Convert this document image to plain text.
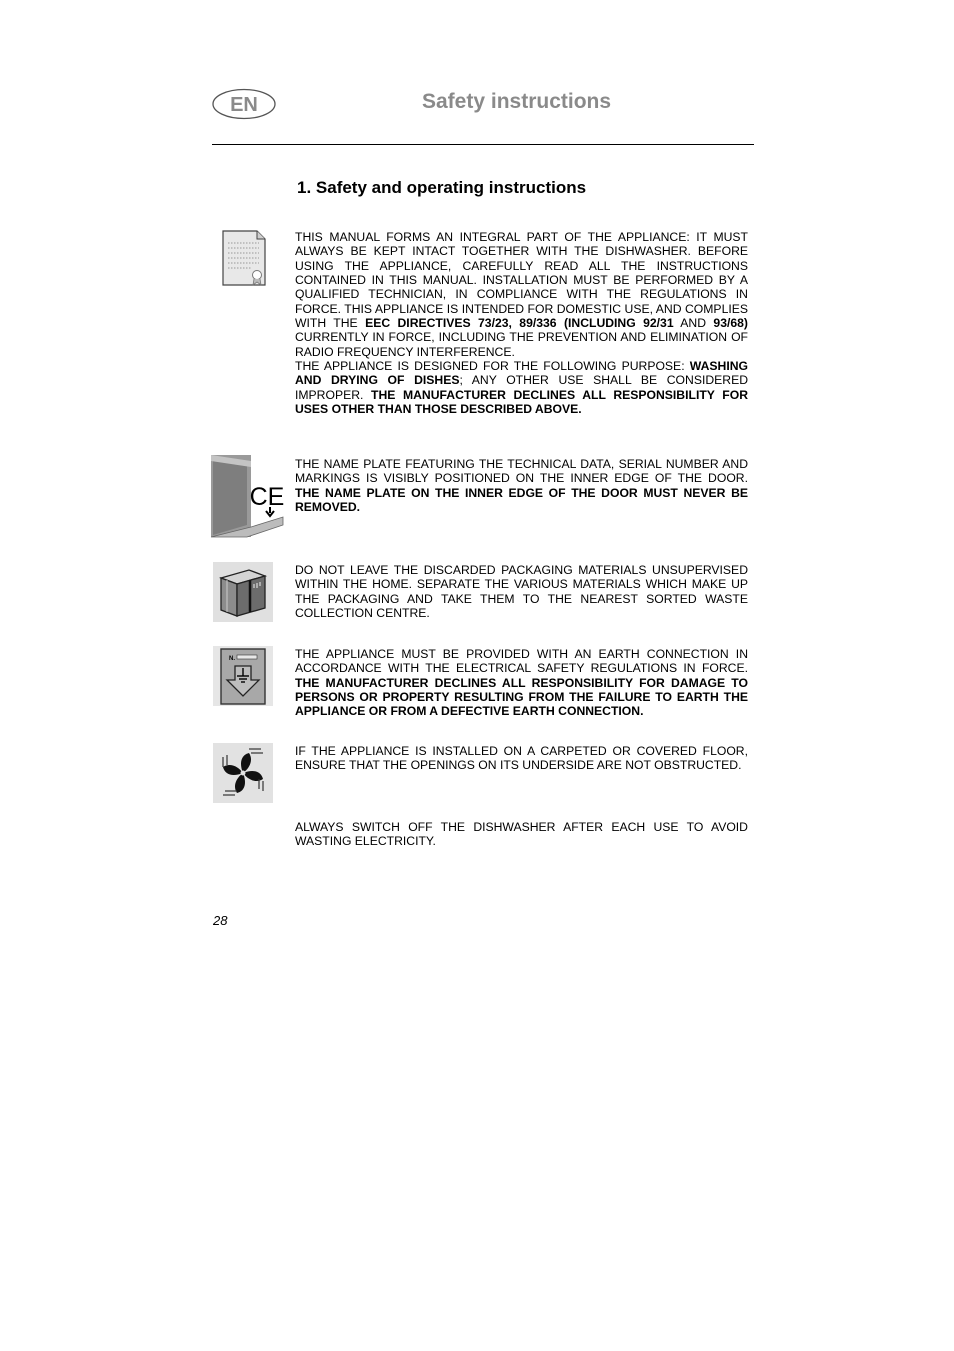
EN	Safety instructions
1. Safety and operating instructions

THIS MANUAL FORMS AN INTEGRAL PART OF THE APPLIANCE: IT MUST ALWAYS BE KEPT INTACT TOGETHER WITH THE DISHWASHER. BEFORE USING THE APPLIANCE, CAREFULLY READ ALL THE INSTRUCTIONS CONTAINED IN THIS MANUAL. INSTALLATION MUST BE PERFORMED BY A QUALIFIED TECHNICIAN, IN COMPLIANCE WITH THE REGULATIONS IN FORCE. THIS APPLIANCE IS INTENDED FOR DOMESTIC USE, AND COMPLIES WITH THE EEC DIRECTIVES 73/23, 89/336 (INCLUDING 92/31 AND 93/68) CURRENTLY IN FORCE, INCLUDING THE PREVENTION AND ELIMINATION OF RADIO FREQUENCY INTERFERENCE.
THE APPLIANCE IS DESIGNED FOR THE FOLLOWING PURPOSE: WASHING AND DRYING OF DISHES; ANY OTHER USE SHALL BE CONSIDERED IMPROPER. THE MANUFACTURER DECLINES ALL RESPONSIBILITY FOR USES OTHER THAN THOSE DESCRIBED ABOVE.

CE

THE NAME PLATE FEATURING THE TECHNICAL DATA, SERIAL NUMBER AND MARKINGS IS VISIBLY POSITIONED ON THE INNER EDGE OF THE DOOR. THE NAME PLATE ON THE INNER EDGE OF THE DOOR MUST NEVER BE REMOVED.

DO NOT LEAVE THE DISCARDED PACKAGING MATERIALS UNSUPERVISED WITHIN THE HOME. SEPARATE THE VARIOUS MATERIALS WHICH MAKE UP THE PACKAGING AND TAKE THEM TO THE NEAREST SORTED WASTE COLLECTION CENTRE.

N.	THE APPLIANCE MUST BE PROVIDED WITH AN EARTH CONNECTION IN ACCORDANCE WITH THE ELECTRICAL SAFETY REGULATIONS IN FORCE. THE MANUFACTURER DECLINES ALL RESPONSIBILITY FOR DAMAGE TO PERSONS OR PROPERTY RESULTING FROM THE FAILURE TO EARTH THE APPLIANCE OR FROM A DEFECTIVE EARTH CONNECTION.

IF THE APPLIANCE IS INSTALLED ON A CARPETED OR COVERED FLOOR, ENSURE THAT THE OPENINGS ON ITS UNDERSIDE ARE NOT OBSTRUCTED.

ALWAYS SWITCH OFF THE DISHWASHER AFTER EACH USE TO AVOID WASTING ELECTRICITY.

28
